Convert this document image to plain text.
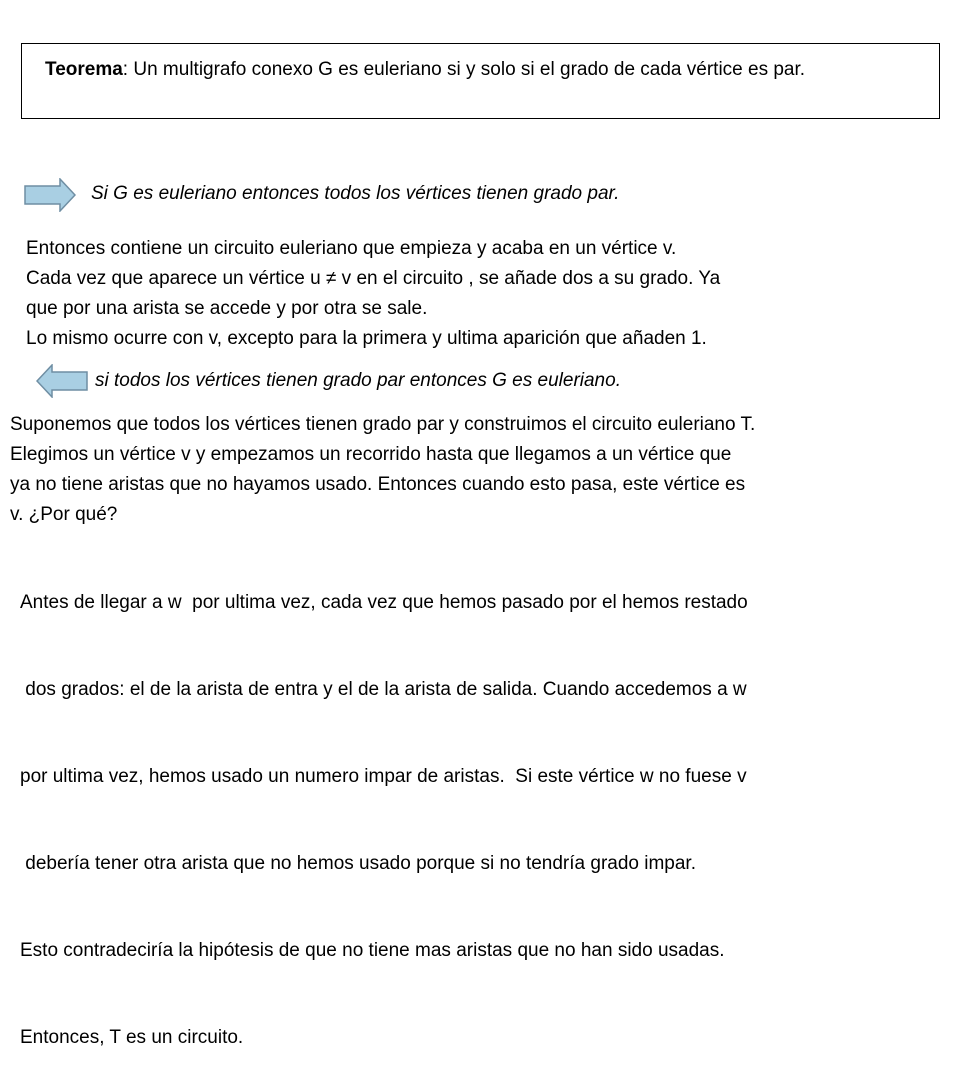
Teorema: Un multigrafo conexo G es euleriano si y solo si el grado de cada vértice es par.

Si G es euleriano entonces todos los vértices tienen grado par.

Entonces contiene un circuito euleriano que empieza y acaba en un vértice v.
Cada vez que aparece un vértice u ≠ v en el circuito , se añade dos a su grado. Ya
que por una arista se accede y por otra se sale.
Lo mismo ocurre con v, excepto para la primera y ultima aparición que añaden 1.

si todos los vértices tienen grado par entonces G es euleriano.

Suponemos que todos los vértices tienen grado par y construimos el circuito euleriano T.
Elegimos un vértice v y empezamos un recorrido hasta que llegamos a un vértice que
ya no tiene aristas que no hayamos usado. Entonces cuando esto pasa, este vértice es
v. ¿Por qué?

Antes de llegar a w  por ultima vez, cada vez que hemos pasado por el hemos restado

dos grados: el de la arista de entra y el de la arista de salida. Cuando accedemos a w

por ultima vez, hemos usado un numero impar de aristas.  Si este vértice w no fuese v

debería tener otra arista que no hemos usado porque si no tendría grado impar.

Esto contradeciría la hipótesis de que no tiene mas aristas que no han sido usadas.

Entonces, T es un circuito.
